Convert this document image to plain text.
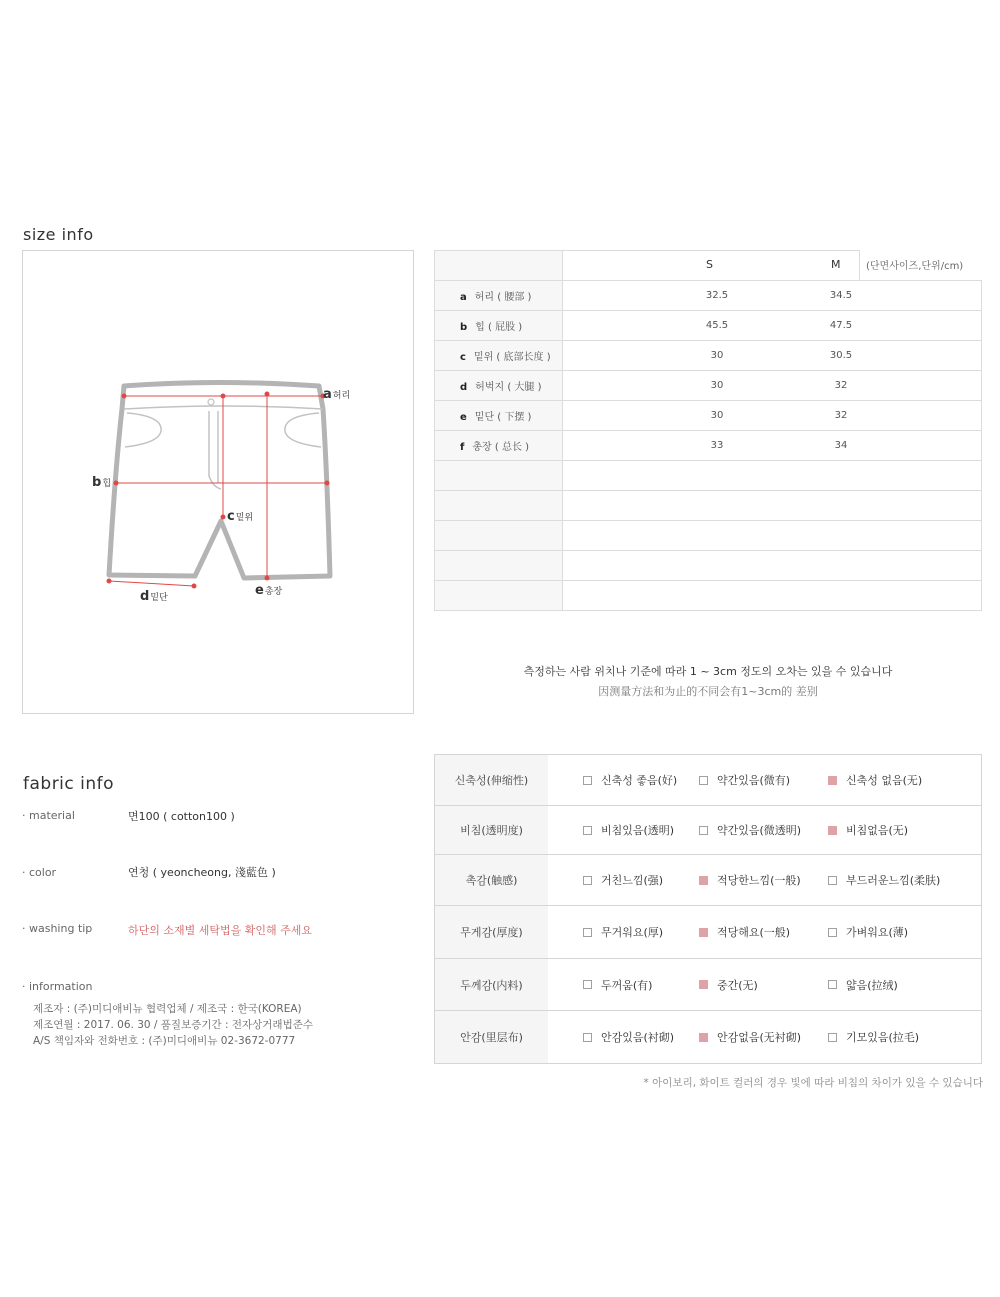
size info
a허리
b힙
c밑위
d밑단	e총장

a 허리 ( 腰部 )	32.5	34.5	
b 힙 ( 屁股 )	45.5	47.5	
c 밑위 ( 底部长度 )	30	30.5	
d 허벅지 ( 大腿 )	30	32	
e 밑단 ( 下摆 )	30	32	
f 총장 ( 总长 )	33	34	

S	M	(단면사이즈,단위/cm)
측정하는 사람 위치나 기준에 따라 1 ~ 3cm 정도의 오차는 있을 수 있습니다
因测量方法和为止的不同会有1~3cm的 差别
fabric info
· material	면100 ( cotton100 )
· color	연청 ( yeoncheong, 淺藍色 )
· washing tip	하단의 소재별 세탁법을 확인해 주세요
· information
제조자 : (주)미디애비뉴 협력업체 / 제조국 : 한국(KOREA)
제조연월 : 2017. 06. 30 / 품질보증기간 : 전자상거래법준수
A/S 책임자와 전화번호 : (주)미디애비뉴 02-3672-0777
신축성(伸缩性)	신축성 좋음(好)	약간있음(微有)	신축성 없음(无)
비침(透明度)	비침있음(透明)	약간있음(微透明)	비침없음(无)
촉감(触感)	거친느낌(强)	적당한느낌(一般)	부드러운느낌(柔肤)
무게감(厚度)	무거워요(厚)	적당해요(一般)	가벼워요(薄)
두께감(内料)	두꺼움(有)	중간(无)	얇음(拉绒)
안감(里层布)	안감있음(衬砌)	안감없음(无衬砌)	기모있음(拉毛)
* 아이보리, 화이트 컬러의 경우 빛에 따라 비침의 차이가 있을 수 있습니다
